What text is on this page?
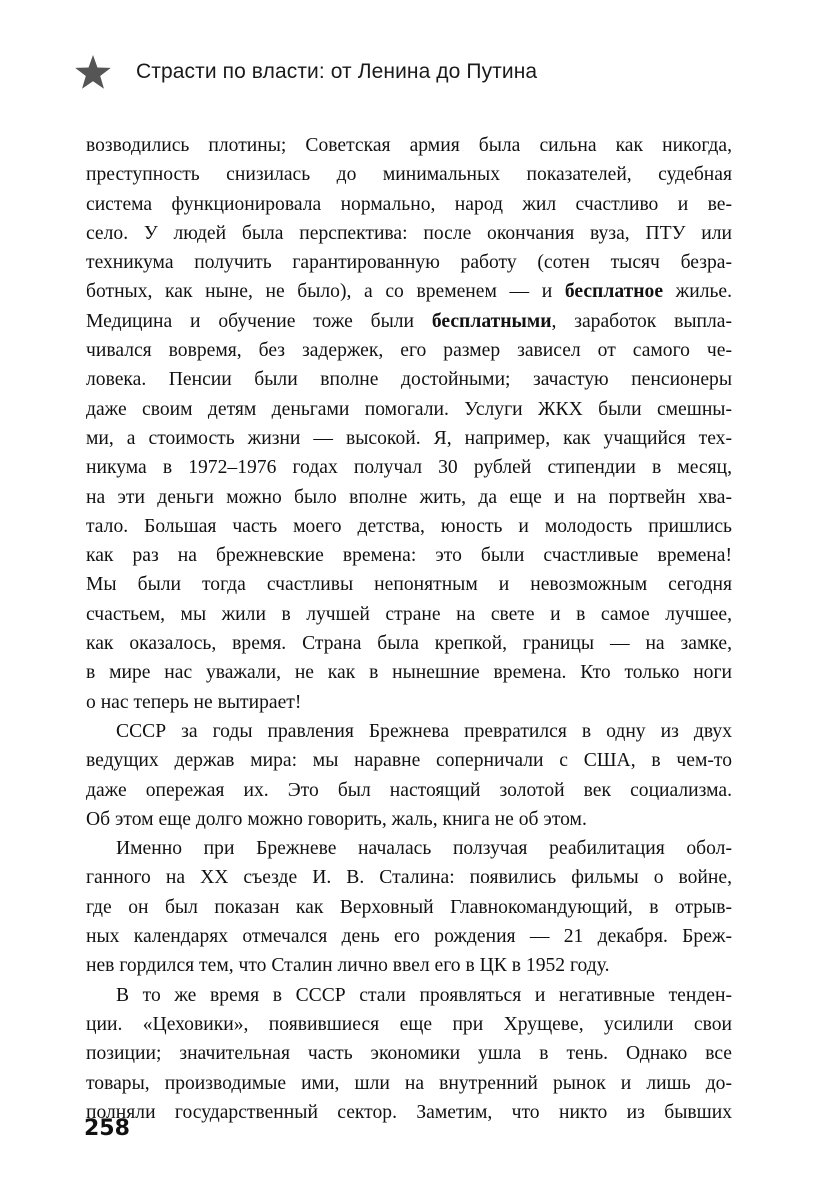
Страсти по власти: от Ленина до Путина
возводились плотины; Советская армия была сильна как никогда,
преступность снизилась до минимальных показателей, судебная
система функционировала нормально, народ жил счастливо и ве-
село. У людей была перспектива: после окончания вуза, ПТУ или
техникума получить гарантированную работу (сотен тысяч безра-
ботных, как ныне, не было), а со временем — и бесплатное жилье.
Медицина и обучение тоже были бесплатными, заработок выпла-
чивался вовремя, без задержек, его размер зависел от самого че-
ловека. Пенсии были вполне достойными; зачастую пенсионеры
даже своим детям деньгами помогали. Услуги ЖКХ были смешны-
ми, а стоимость жизни — высокой. Я, например, как учащийся тех-
никума в 1972–1976 годах получал 30 рублей стипендии в месяц,
на эти деньги можно было вполне жить, да еще и на портвейн хва-
тало. Большая часть моего детства, юность и молодость пришлись
как раз на брежневские времена: это были счастливые времена!
Мы были тогда счастливы непонятным и невозможным сегодня
счастьем, мы жили в лучшей стране на свете и в самое лучшее,
как оказалось, время. Страна была крепкой, границы — на замке,
в мире нас уважали, не как в нынешние времена. Кто только ноги
о нас теперь не вытирает!
СССР за годы правления Брежнева превратился в одну из двух
ведущих держав мира: мы наравне соперничали с США, в чем-то
даже опережая их. Это был настоящий золотой век социализма.
Об этом еще долго можно говорить, жаль, книга не об этом.
Именно при Брежневе началась ползучая реабилитация обол-
ганного на XX съезде И. В. Сталина: появились фильмы о войне,
где он был показан как Верховный Главнокомандующий, в отрыв-
ных календарях отмечался день его рождения — 21 декабря. Бреж-
нев гордился тем, что Сталин лично ввел его в ЦК в 1952 году.
В то же время в СССР стали проявляться и негативные тенден-
ции. «Цеховики», появившиеся еще при Хрущеве, усилили свои
позиции; значительная часть экономики ушла в тень. Однако все
товары, производимые ими, шли на внутренний рынок и лишь до-
полняли государственный сектор. Заметим, что никто из бывших
258
